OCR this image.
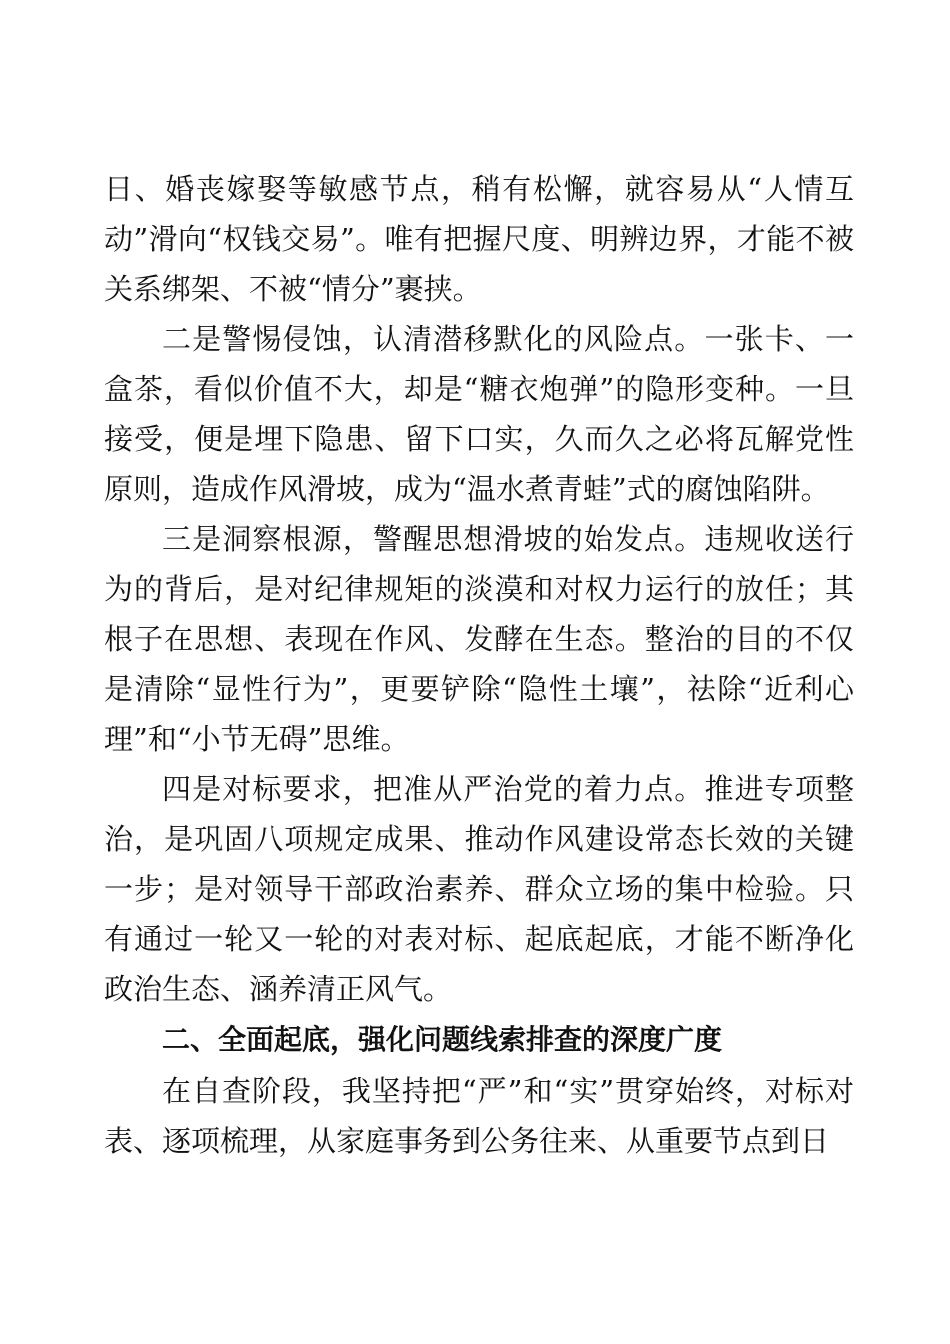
日、婚丧嫁娶等敏感节点，稍有松懈，就容易从“人情互动”滑向“权钱交易”。唯有把握尺度、明辨边界，才能不被关系绑架、不被“情分”裹挟。

二是警惕侵蚀，认清潜移默化的风险点。一张卡、一盒茶，看似价值不大，却是“糖衣炮弹”的隐形变种。一旦接受，便是埋下隐患、留下口实，久而久之必将瓦解党性原则，造成作风滑坡，成为“温水煮青蛙”式的腐蚀陷阱。

三是洞察根源，警醒思想滑坡的始发点。违规收送行为的背后，是对纪律规矩的淡漠和对权力运行的放任；其根子在思想、表现在作风、发酵在生态。整治的目的不仅是清除“显性行为”，更要铲除“隐性土壤”，祛除“近利心理”和“小节无碍”思维。

四是对标要求，把准从严治党的着力点。推进专项整治，是巩固八项规定成果、推动作风建设常态长效的关键一步；是对领导干部政治素养、群众立场的集中检验。只有通过一轮又一轮的对表对标、起底起底，才能不断净化政治生态、涵养清正风气。

二、全面起底，强化问题线索排查的深度广度

在自查阶段，我坚持把“严”和“实”贯穿始终，对标对表、逐项梳理，从家庭事务到公务往来、从重要节点到日
